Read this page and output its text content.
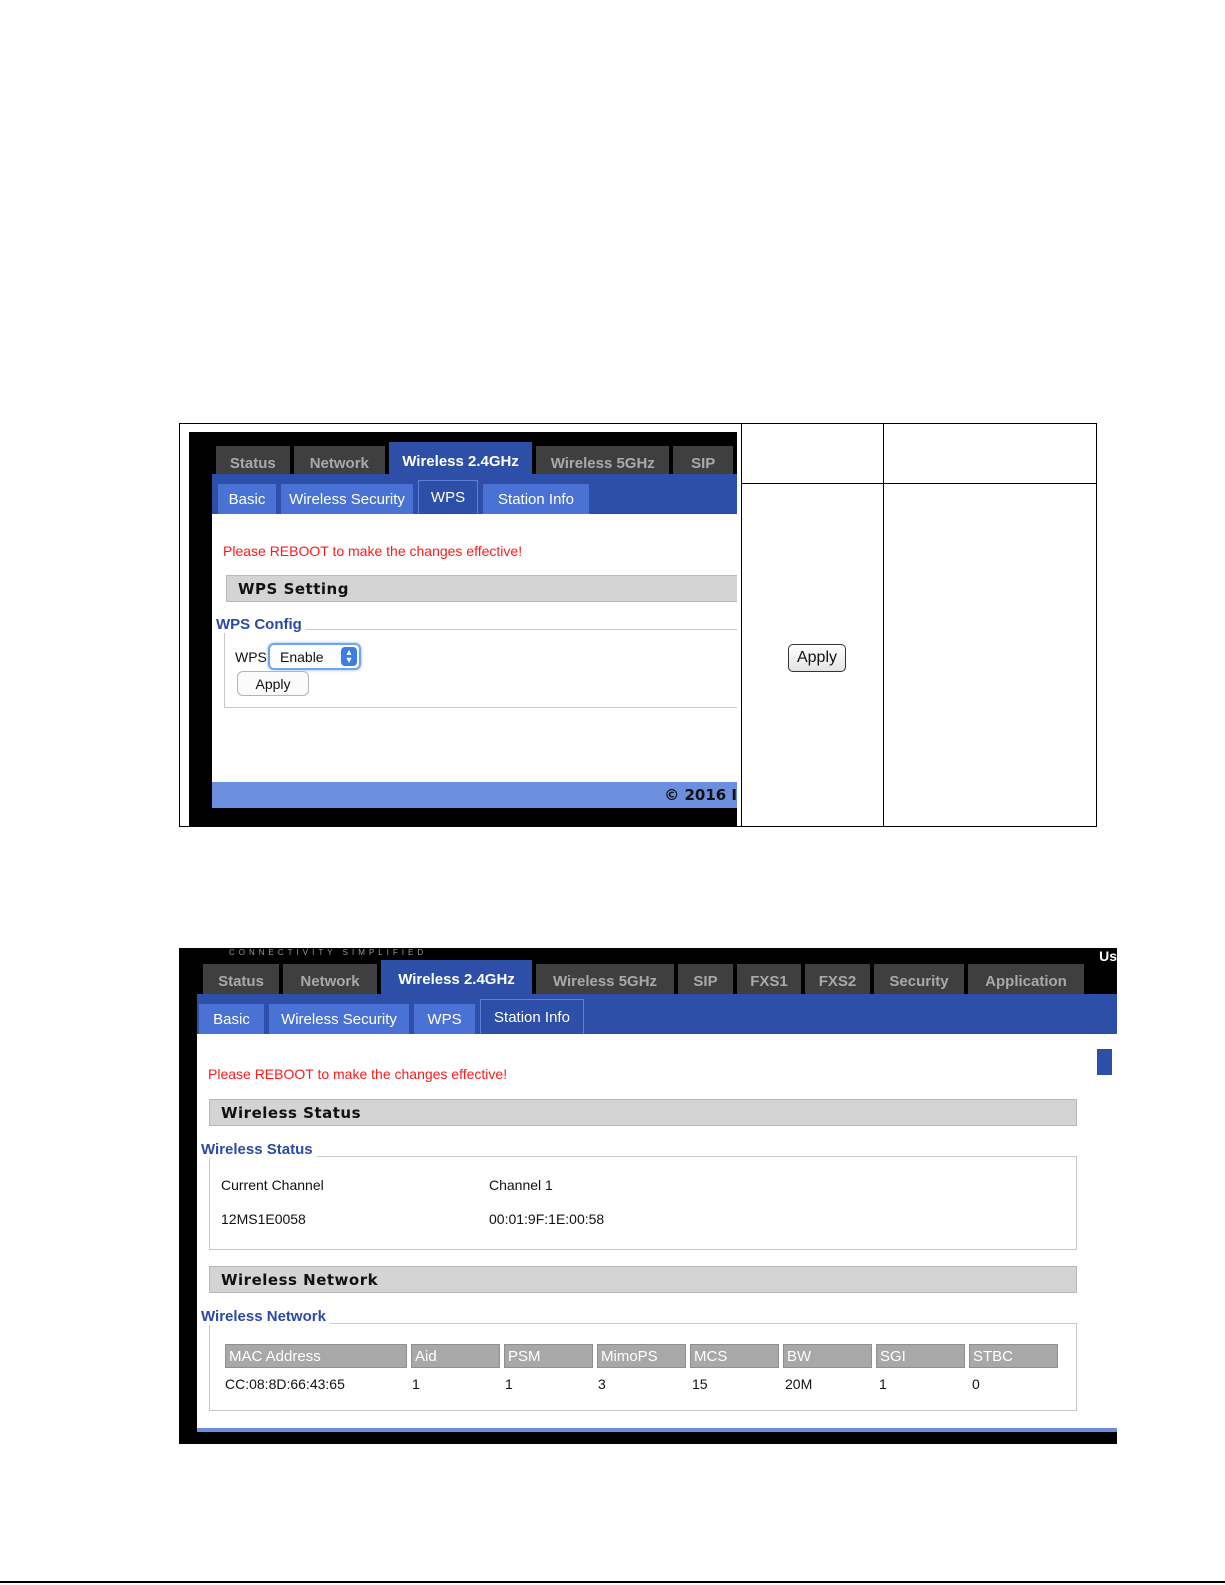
Status	Network	Wireless 2.4GHz	Wireless 5GHz	SIP
Basic	Wireless Security	WPS	Station Info
Please REBOOT to make the changes effective!
WPS Setting
WPS Config
WPS Enable	▴
▾
Apply
© 2016 I
Apply
CONNECTIVITY SIMPLIFIED	Us
Status	Network	Wireless 2.4GHz	Wireless 5GHz	SIP	FXS1	FXS2	Security	Application
Basic	Wireless Security	WPS	Station Info
Please REBOOT to make the changes effective!
Wireless Status
Wireless Status
Current Channel	Channel 1
12MS1E0058	00:01:9F:1E:00:58
Wireless Network
Wireless Network
MAC Address	Aid	PSM	MimoPS	MCS	BW	SGI	STBC
CC:08:8D:66:43:65	1	1	3	15	20M	1	0
